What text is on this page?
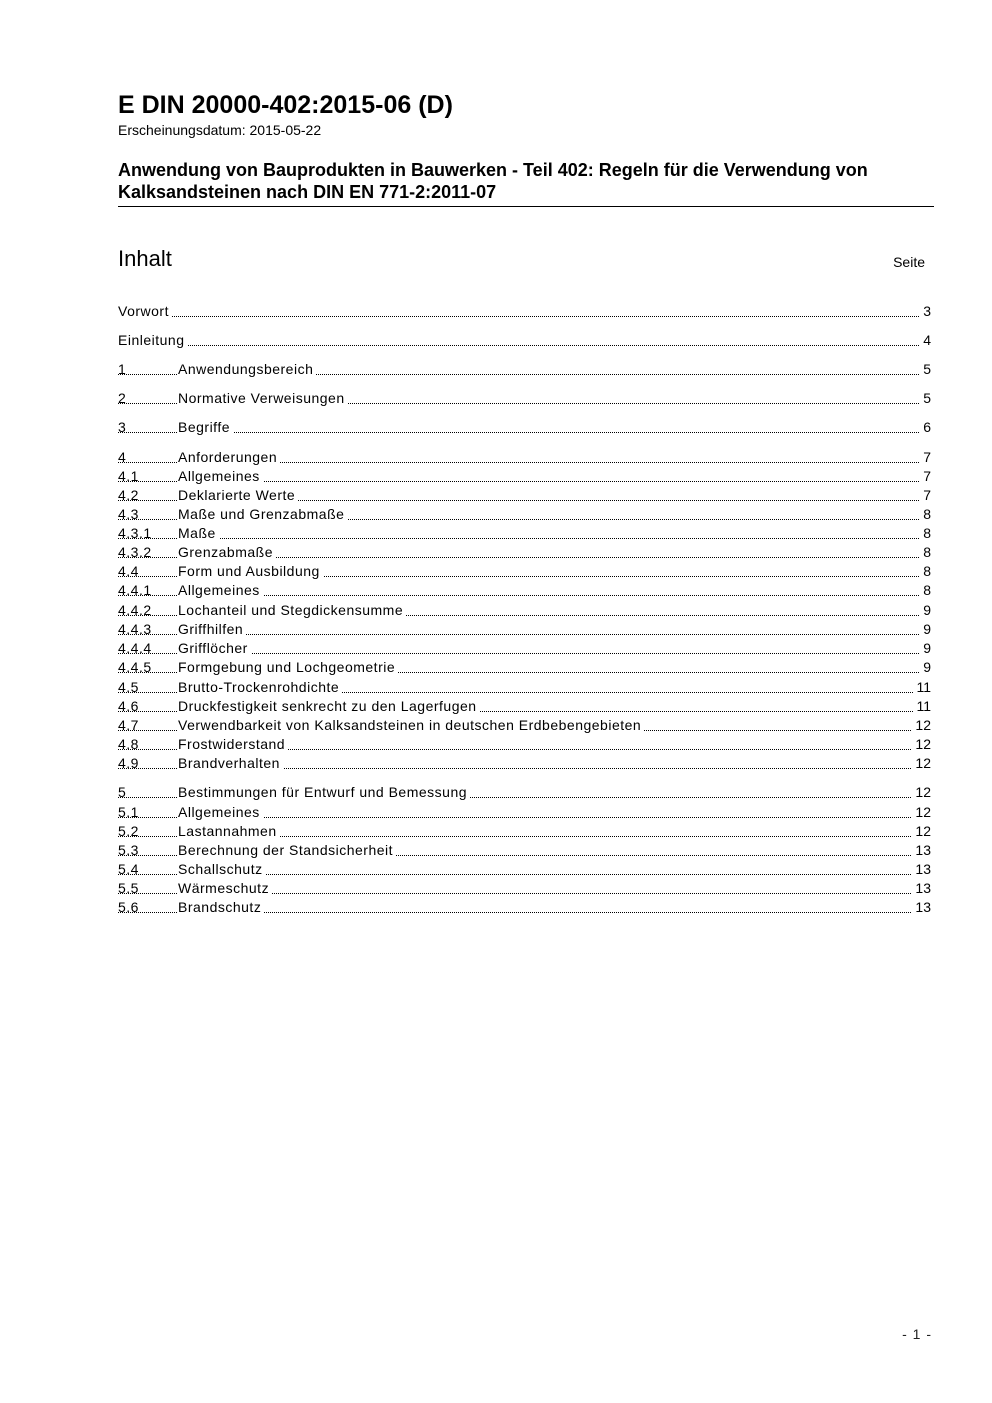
E DIN 20000-402:2015-06 (D)
Erscheinungsdatum: 2015-05-22
Anwendung von Bauprodukten in Bauwerken - Teil 402: Regeln für die Verwendung von Kalksandsteinen nach DIN EN 771-2:2011-07
Inhalt	Seite
Vorwort	3
Einleitung	4
1	Anwendungsbereich	5
2	Normative Verweisungen	5
3	Begriffe	6
4	Anforderungen	7
4.1	Allgemeines	7
4.2	Deklarierte Werte	7
4.3	Maße und Grenzabmaße	8
4.3.1	Maße	8
4.3.2	Grenzabmaße	8
4.4	Form und Ausbildung	8
4.4.1	Allgemeines	8
4.4.2	Lochanteil und Stegdickensumme	9
4.4.3	Griffhilfen	9
4.4.4	Grifflöcher	9
4.4.5	Formgebung und Lochgeometrie	9
4.5	Brutto-Trockenrohdichte	11
4.6	Druckfestigkeit senkrecht zu den Lagerfugen	11
4.7	Verwendbarkeit von Kalksandsteinen in deutschen Erdbebengebieten	12
4.8	Frostwiderstand	12
4.9	Brandverhalten	12
5	Bestimmungen für Entwurf und Bemessung	12
5.1	Allgemeines	12
5.2	Lastannahmen	12
5.3	Berechnung der Standsicherheit	13
5.4	Schallschutz	13
5.5	Wärmeschutz	13
5.6	Brandschutz	13
- 1 -
